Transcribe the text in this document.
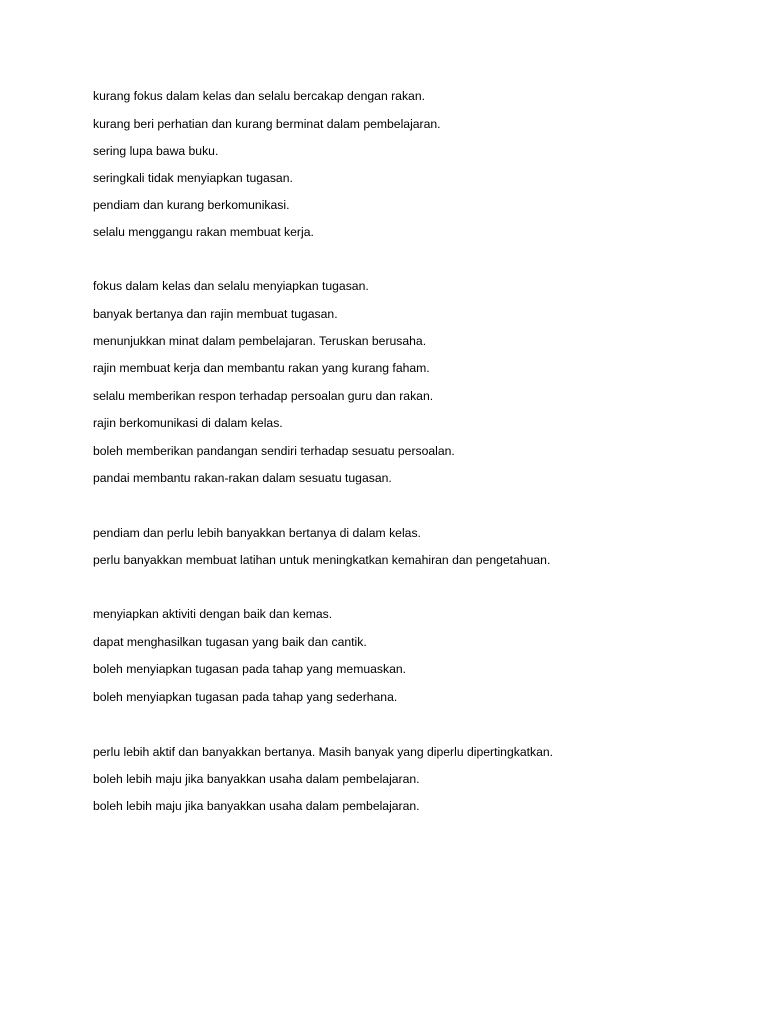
kurang fokus dalam kelas dan selalu bercakap dengan rakan.
kurang beri perhatian dan kurang berminat dalam pembelajaran.
sering lupa bawa buku.
seringkali tidak menyiapkan tugasan.
pendiam dan kurang berkomunikasi.
selalu menggangu rakan membuat kerja.
fokus dalam kelas dan selalu menyiapkan tugasan.
banyak bertanya dan rajin membuat tugasan.
menunjukkan minat dalam pembelajaran. Teruskan berusaha.
rajin membuat kerja dan membantu rakan yang kurang faham.
selalu memberikan respon terhadap persoalan guru dan rakan.
rajin berkomunikasi di dalam kelas.
boleh memberikan pandangan sendiri terhadap sesuatu persoalan.
pandai membantu rakan-rakan dalam sesuatu tugasan.
pendiam dan perlu lebih banyakkan bertanya di dalam kelas.
perlu banyakkan membuat latihan untuk meningkatkan kemahiran dan pengetahuan.
menyiapkan aktiviti dengan baik dan kemas.
dapat menghasilkan tugasan yang baik dan cantik.
boleh menyiapkan tugasan pada tahap yang memuaskan.
boleh menyiapkan tugasan pada tahap yang sederhana.
perlu lebih aktif dan banyakkan bertanya. Masih banyak yang diperlu dipertingkatkan.
boleh lebih maju jika banyakkan usaha dalam pembelajaran.
boleh lebih maju jika banyakkan usaha dalam pembelajaran.
